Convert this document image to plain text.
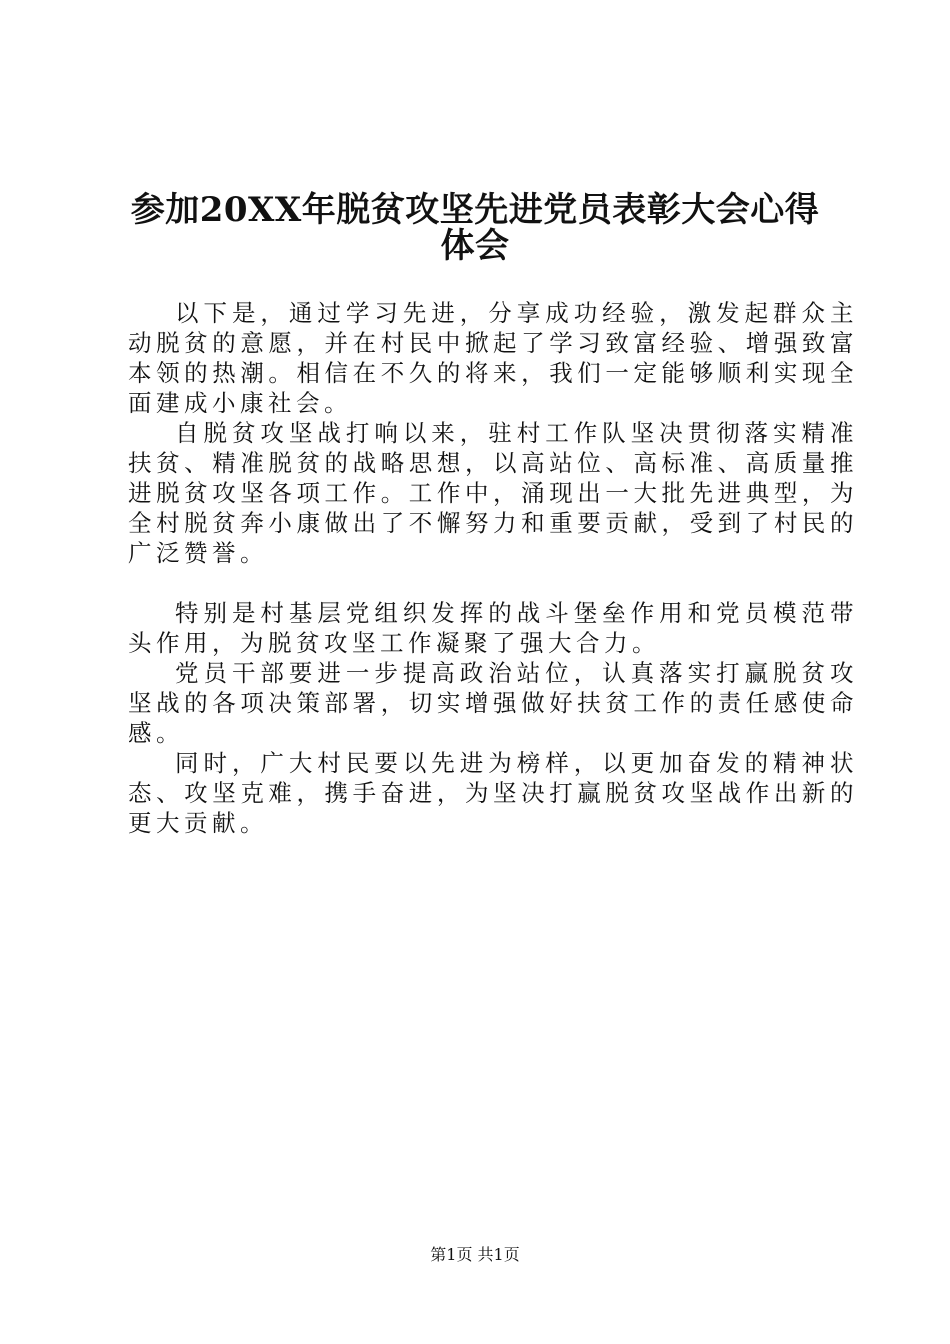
参加20XX年脱贫攻坚先进党员表彰大会心得
体会

以下是，通过学习先进，分享成功经验，激发起群众主动脱贫的意愿，并在村民中掀起了学习致富经验、增强致富本领的热潮。相信在不久的将来，我们一定能够顺利实现全面建成小康社会。

自脱贫攻坚战打响以来，驻村工作队坚决贯彻落实精准扶贫、精准脱贫的战略思想，以高站位、高标准、高质量推进脱贫攻坚各项工作。工作中，涌现出一大批先进典型，为全村脱贫奔小康做出了不懈努力和重要贡献，受到了村民的广泛赞誉。

特别是村基层党组织发挥的战斗堡垒作用和党员模范带头作用，为脱贫攻坚工作凝聚了强大合力。

党员干部要进一步提高政治站位，认真落实打赢脱贫攻坚战的各项决策部署，切实增强做好扶贫工作的责任感使命感。

同时，广大村民要以先进为榜样，以更加奋发的精神状态、攻坚克难，携手奋进，为坚决打赢脱贫攻坚战作出新的更大贡献。

第1页 共1页
